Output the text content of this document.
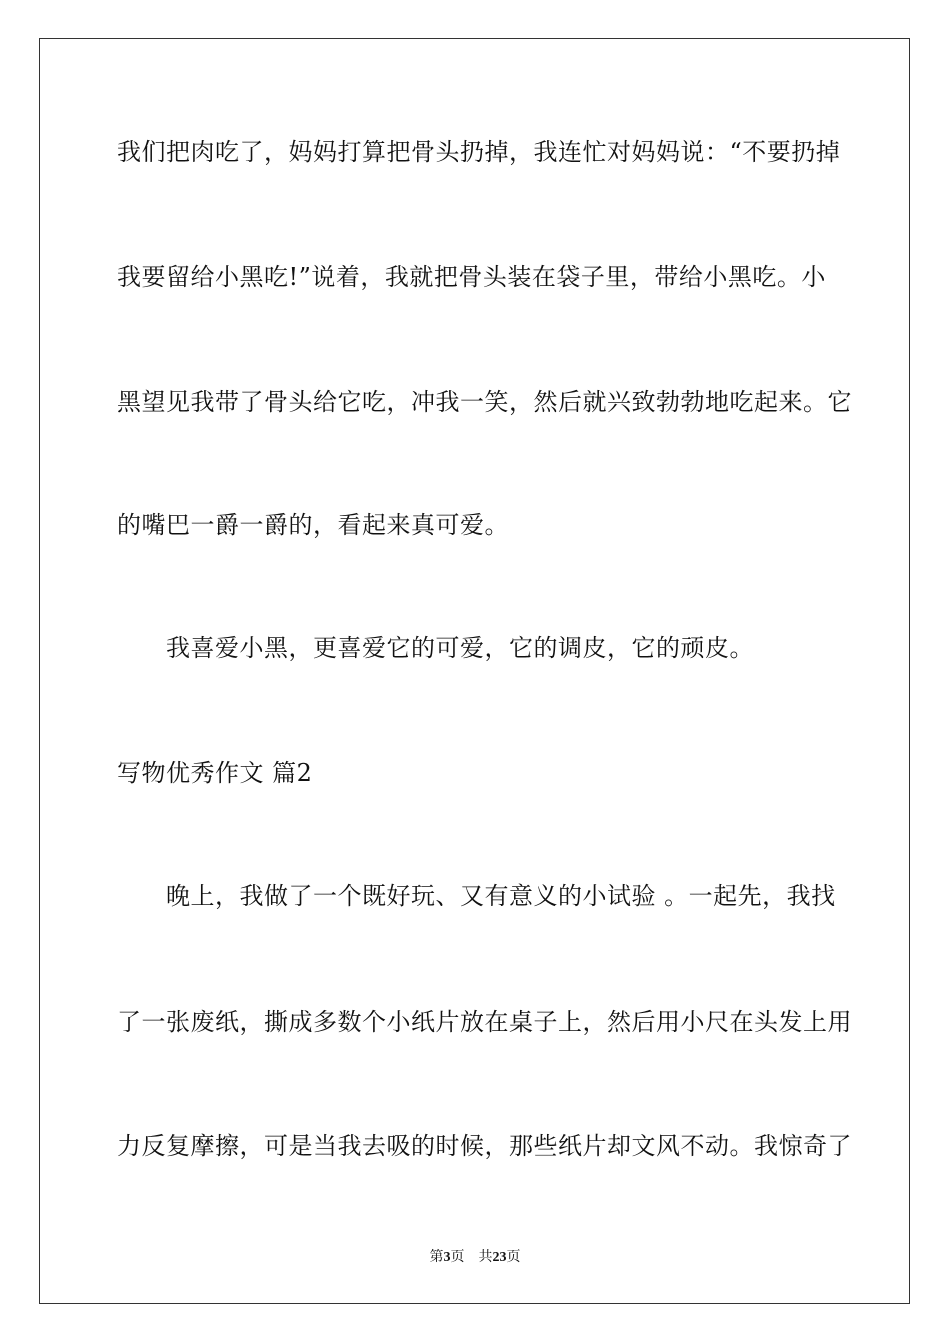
我们把肉吃了，妈妈打算把骨头扔掉，我连忙对妈妈说：“不要扔掉
我要留给小黑吃!”说着，我就把骨头装在袋子里，带给小黑吃。小
黑望见我带了骨头给它吃，冲我一笑，然后就兴致勃勃地吃起来。它
的嘴巴一爵一爵的，看起来真可爱。
我喜爱小黑，更喜爱它的可爱，它的调皮，它的顽皮。
写物优秀作文 篇2
晚上，我做了一个既好玩、又有意义的小试验 。一起先，我找
了一张废纸，撕成多数个小纸片放在桌子上，然后用小尺在头发上用
力反复摩擦，可是当我去吸的时候，那些纸片却文风不动。我惊奇了
第3页 共23页
